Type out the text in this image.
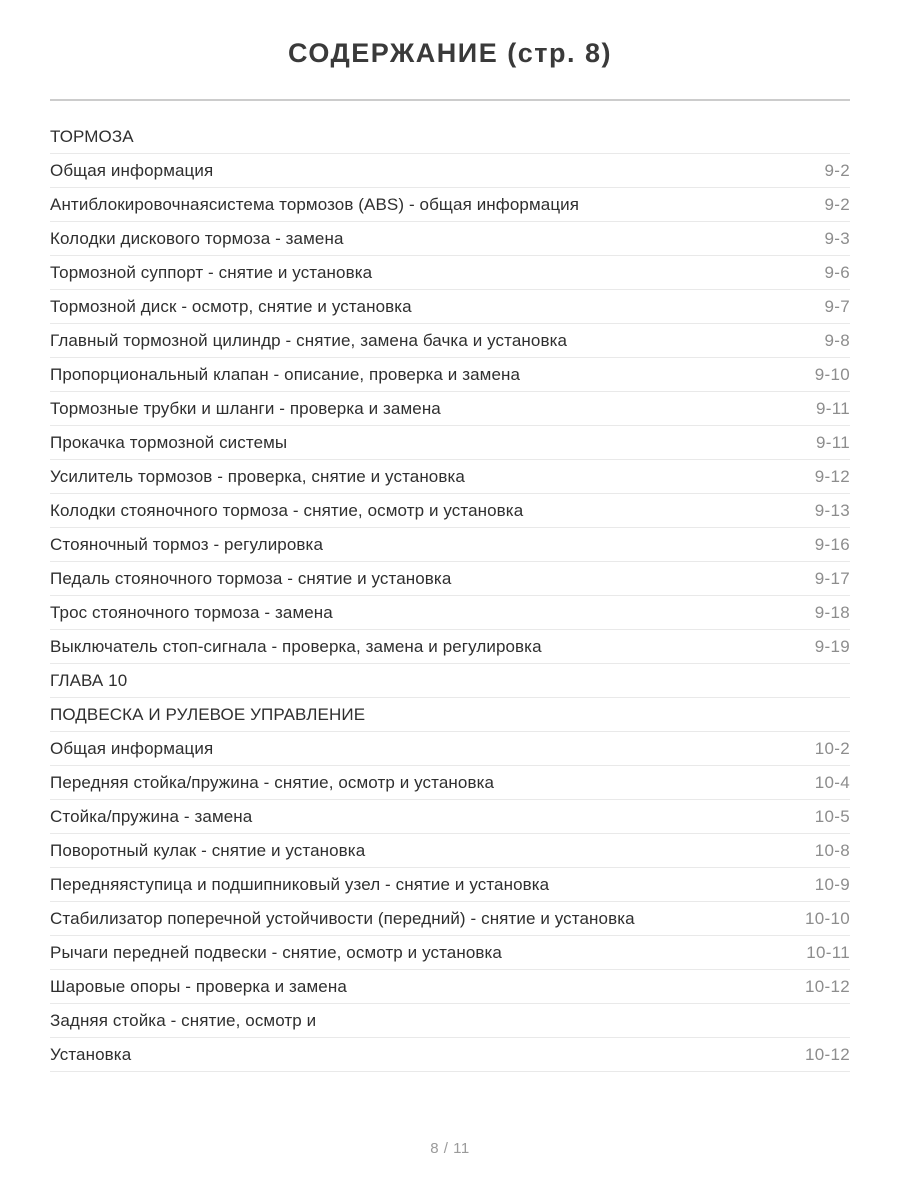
СОДЕРЖАНИЕ (стр. 8)
ТОРМОЗА
Общая информация	9-2
Антиблокировочнаясистема тормозов (ABS) - общая информация	9-2
Колодки дискового тормоза - замена	9-3
Тормозной суппорт - снятие и установка	9-6
Тормозной диск - осмотр, снятие и установка	9-7
Главный тормозной цилиндр - снятие, замена бачка и установка	9-8
Пропорциональный клапан - описание, проверка и замена	9-10
Тормозные трубки и шланги - проверка и замена	9-11
Прокачка тормозной системы	9-11
Усилитель тормозов - проверка, снятие и установка	9-12
Колодки стояночного тормоза - снятие, осмотр и установка	9-13
Стояночный тормоз - регулировка	9-16
Педаль стояночного тормоза - снятие и установка	9-17
Трос стояночного тормоза - замена	9-18
Выключатель стоп-сигнала - проверка, замена и регулировка	9-19
ГЛАВА 10
ПОДВЕСКА И РУЛЕВОЕ УПРАВЛЕНИЕ
Общая информация	10-2
Передняя стойка/пружина - снятие, осмотр и установка	10-4
Стойка/пружина - замена	10-5
Поворотный кулак - снятие и установка	10-8
Передняяступица и подшипниковый узел - снятие и установка	10-9
Стабилизатор поперечной устойчивости (передний) - снятие и установка	10-10
Рычаги передней подвески - снятие, осмотр и установка	10-11
Шаровые опоры - проверка и замена	10-12
Задняя стойка - снятие, осмотр и
Установка	10-12
8 / 11
